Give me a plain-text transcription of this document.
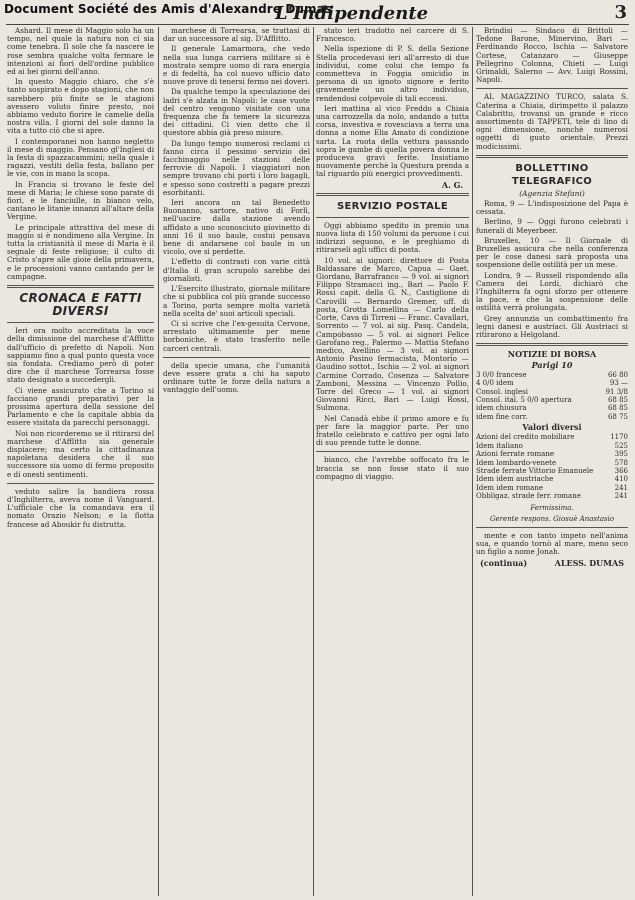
Document Société des Amis d'Alexandre Dumas
L'Indipendente	3

Ashard. Il mese di Maggio solo ha un tempo, nel quale la natura non ci sia come tenebra. Il sole che fa nascere le rose sembra qualche volta fermare le intenzioni ai fiori dell'ordine pubblico ed ai bei giorni dell'anno.

In questo Maggio chiaro, che s'è tanto sospirato e dopo stagioni, che non sarebbero più finite se le stagioni avessero voluto finire presto, noi abbiamo veduto fiorire le camelie della nostra villa. I giorni del sole danno la vita a tutto ciò che si apre.

I contemporanei non hanno negletto il mese di maggio. Pensano gl'Inglesi di la festa di spazzacammini; nella quale i ragazzi, vestiti della festa, ballano per le vie, con in mano la scopa.

In Francia si trovano le feste del mese di Maria; le chiese sono parate di fiori, e le fanciulle, in bianco velo, cantano le litanie innanzi all'altare della Vergine.

Le principale attrattiva del mese di maggio si è nondimeno alla Vergine. In tutta la cristianità il mese di Maria è il segnale di feste religiose; il culto di Cristo s'apre alle gioie della primavera, e le processioni vanno cantando per le campagne.

CRONACA E FATTI DIVERSI

Ieri ora molto accreditata la voce della dimissione del marchese d'Afflitto dall'ufficio di prefetto di Napoli. Non sappiamo fino a qual punto questa voce sia fondata. Crediamo però di poter dire che il marchese Torrearsa fosse stato designato a succedergli.

Ci viene assicurato che a Torino si facciano grandi preparativi per la prossima apertura della sessione del Parlamento e che la capitale abbia da essere visitata da parecchi personaggi.

Noi non ricorderemo se il ritirarsi del marchese d'Afflitto sia generale dispiacere; ma certo la cittadinanza napoletana desidera che il suo successore sia uomo di fermo proposito e di onesti sentimenti.

veduto salire la bandiera rossa d'Inghilterra, aveva nome il Vanguard. L'ufficiale che la comandava era il nomato Orazio Nelson; e la flotta francese ad Aboukir fu distrutta.

marchese di Torrearsa, se trattasi di dar un successore al sig. D'Afflitto.

Il generale Lamarmora, che vedo nella sua lunga carriera militare si è mostrato sempre uomo di rara energia e di fedeltà, ha col nuovo ufficio dato nuove prove di tenersi fermo nei doveri.

Da qualche tempo la speculazione dei ladri s'è alzata in Napoli: le case vuote del centro vengono visitate con una frequenza che fa temere la sicurezza dei cittadini. Ci vien detto che il questore abbia già preso misure.

Da lungo tempo numerosi reclami ci fanno circa il pessimo servizio del facchinaggio nelle stazioni delle ferrovie di Napoli. I viaggiatori non sempre trovano chi porti i loro bagagli, e spesso sono costretti a pagare prezzi esorbitanti.

Ieri ancora un tal Benedetto Buonanno, sartore, nativo di Forlì, nell'uscire dalla stazione avendo affidato a uno sconosciuto giovinetto di anni 16 il suo baule, costui pensava bene di andarsene col baule in un vicolo, ove si perdette.

L'effetto di contrasti con varie città d'Italia il gran scrupolo sarebbe dei giornalisti.

L'Esercito illustrato, giornale militare che si pubblica col più grande successo a Torino, porta sempre molta varietà nella scelta de' suoi articoli speciali.

Ci si scrive che l'ex-gesuita Cervone, arrestato ultimamente per mene borboniche, è stato trasferito nelle carceri centrali.

della specie umana, che l'umanità deve essere grata a chi ha saputo ordinare tutte le forze della natura a vantaggio dell'uomo.

stato ieri tradotto nel carcere di S. Francesco.

Nella ispezione di P. S. della Sezione Stella procedevasi ieri all'arresto di due individui, come colui che tempo fa commetteva in Foggia omicidio in persona di un ignoto signore e ferito gravemente un altro individuo, rendendosi colpevole di tali eccessi.

Ieri mattina al vico Freddo a Chiaia una carrozzella da nolo, andando a tutta corsa, investiva e rovesciava a terra una donna a nome Elia Amato di condizione sarta. La ruota della vettura passando sopra le gambe di quella povera donna le produceva gravi ferite. Insistiamo nuovamente perchè la Questura prenda a tal riguardo più energici provvedimenti.

A. G.
SERVIZIO POSTALE

Oggi abbiamo spedito in premio una nuova lista di 150 volumi da persone i cui indirizzi seguono, e le preghiamo di ritirarseli agli uffici di posta.

10 vol. ai signori: direttore di Posta Baldassare de Marco, Capua — Gaet. Giordano, Barrafranco — 9 vol. ai signori Filippo Stramacci ing., Bari — Paolo F. Rossi capit. della G. N., Castiglione di Carovilli — Bernardo Gremer, uff. di posta, Grotta Lomellina — Carlo della Corte, Cava di Tirreni — Franc. Cavallari, Sorrento — 7 vol. ai sig. Pasq. Candela, Campobasso — 5 vol. ai signori Felice Garofano reg., Palermo — Mattia Stefano medico, Avellino — 3 vol. ai signori Antonio Pasino fermacista, Montorio — Gaudino sottot., Ischia — 2 vol. ai signori Carmine Corrado, Cosenza — Salvatore Zamboni, Messina — Vincenzo Pollio, Torre del Greco — 1 vol. ai signori Giovanni Ricci, Bari — Luigi Rossi, Sulmona.

Nel Canadà ebbe il primo amore e fu per fare la maggior parte. Per uno fratello celebrato e cattivo per ogni lato di suo prende tutte le donne.

bianco, che l'avrebbe soffocato fra le braccia se non fosse stato il suo compagno di viaggio.

Brindisi — Sindaco di Brittoli — Tedone Barone, Minervino, Bari — Ferdinando Rocco, Ischia — Salvatore Cortese, Catanzaro — Giuseppe Pellegrino Colonna, Chieti — Luigi Grimaldi, Salerno — Avv. Luigi Rossini, Napoli.

AL MAGAZZINO TURCO, salata S. Caterina a Chiaia, dirimpetto il palazzo Calabritto, trovansi un grande e ricco assortimento di TAPPETI, tele di lino di ogni dimensione, nonchè numerosi oggetti di gusto orientale. Prezzi modicissimi.

BOLLETTINO TELEGRAFICO
(Agenzia Stefani)

Roma, 9 — L'indisposizione del Papa è cessata.

Berlino, 9 — Oggi furono celebrati i funerali di Meyerbeer.

Bruxelles, 10 — Il Giornale di Bruxelles assicura che nella conferenza per le cose danesi sarà proposta una sospensione delle ostilità per un mese.

Londra, 9 — Russell rispondendo alla Camera dei Lordi, dichiarò che l'Inghilterra fa ogni sforzo per ottenere la pace, e che la sospensione delle ostilità verrà prolungata.

Grey annunzia un combattimento fra legni danesi e austriaci. Gli Austriaci si ritirarono a Helgoland.

NOTIZIE DI BORSA
Parigi 10
3 0/0 francese	66 80
4 0/0 idem	93 —
Consol. inglesi	91 3/8
Consol. ital. 5 0/0 apertura	68 85
idem chiusura	68 85
idem fine corr.	68 75
Valori diversi
Azioni del credito mobiliare	1170
Idem italiano	525
Azioni ferrate romane	395
Idem lombardo-venete	578
Strade ferrate Vittorio Emanuele	366
Idem idem austriache	410
Idem idem romane	241
Obbligaz. strade ferr. romane	241
Fermissima.
Gerente respons. Giosuè Anastasio

mente e con tanto impeto nell'anima sua, e quando tornò al mare, meno seco un figlio a nome Jonah.

(continua)	ALESS. DUMAS
